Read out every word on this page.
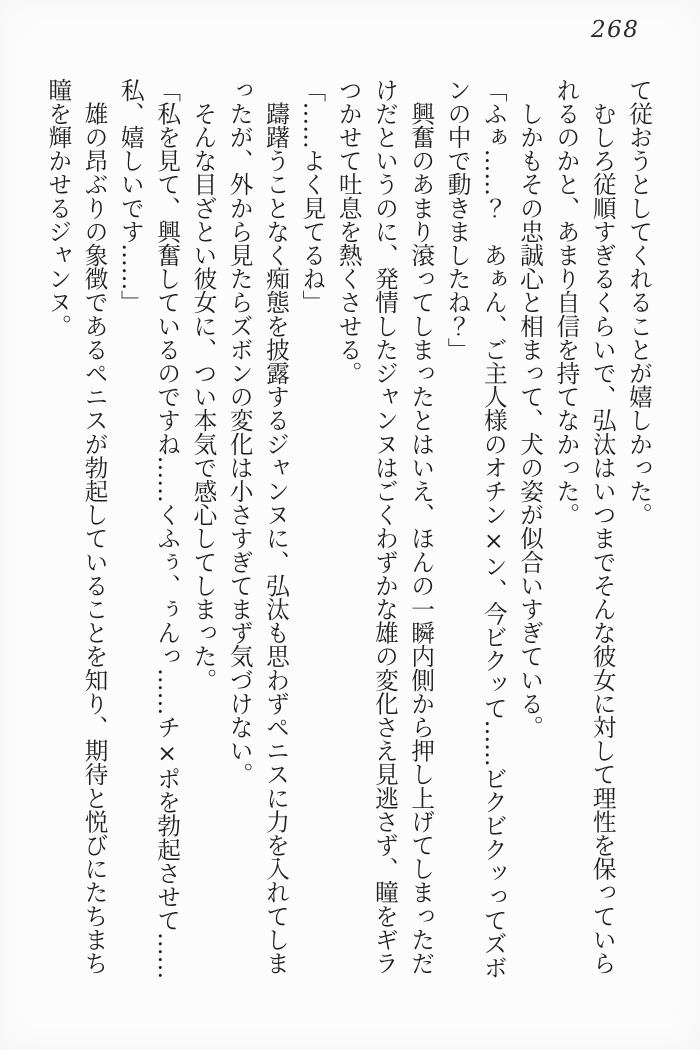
268
て従おうとしてくれることが嬉しかった。
　むしろ従順すぎるくらいで、弘汰はいつまでそんな彼女に対して理性を保っていら
れるのかと、あまり自信を持てなかった。
　しかもその忠誠心と相まって、犬の姿が似合いすぎている。
「ふぁ……？　あぁん、ご主人様のオチン×ン、今ビクッて……ビクビクッってズボ
ンの中で動きましたね？」
　興奮のあまり滾ってしまったとはいえ、ほんの一瞬内側から押し上げてしまっただ
けだというのに、発情したジャンヌはごくわずかな雄の変化さえ見逃さず、瞳をギラ
つかせて吐息を熱くさせる。
「……よく見てるね」
　躊躇うことなく痴態を披露するジャンヌに、弘汰も思わずペニスに力を入れてしま
ったが、外から見たらズボンの変化は小さすぎてまず気づけない。
　そんな目ざとい彼女に、つい本気で感心してしまった。
「私を見て、興奮しているのですね……くふぅ、ぅんっ……チ×ポを勃起させて……
私、嬉しいです……」
　雄の昂ぶりの象徴であるペニスが勃起していることを知り、期待と悦びにたちまち
瞳を輝かせるジャンヌ。
